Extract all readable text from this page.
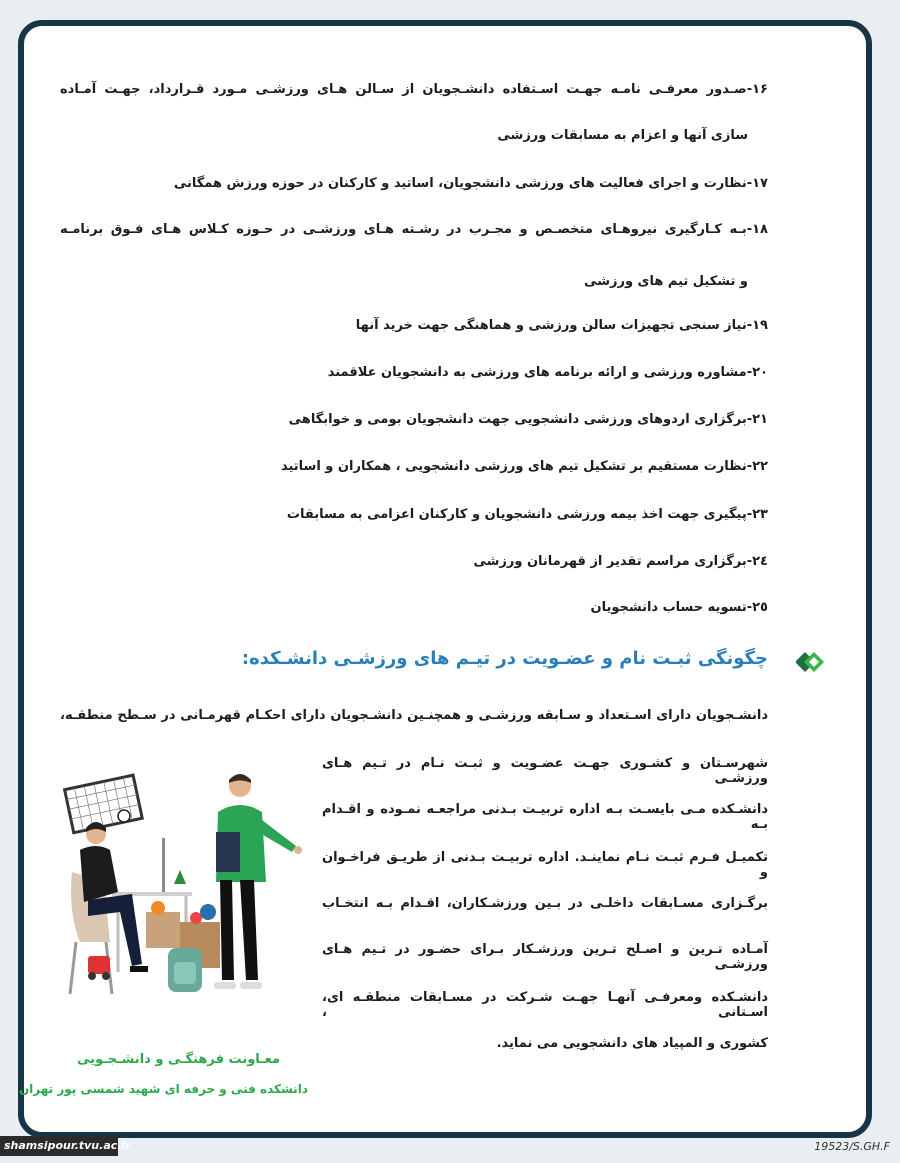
۱۶-صـدور معرفـی نامـه جهـت اسـتفاده دانشـجویان از سـالن هـای ورزشـی مـورد قـرارداد، جهـت آمـاده
سازی آنها و اعزام به مسابقات ورزشی
۱۷-نظارت و اجرای فعالیت های ورزشی دانشجویان، اساتید و کارکنان در حوزه ورزش همگانی
۱۸-بـه کـارگیری نیروهـای متخصـص و مجـرب در رشـته هـای ورزشـی در حـوزه کـلاس هـای فـوق برنامـه
و تشکیل تیم های ورزشی
۱۹-نیاز سنجی تجهیزات سالن ورزشی و هماهنگی جهت خرید آنها
۲۰-مشاوره ورزشی و ارائه برنامه های ورزشی به دانشجویان علاقمند
۲۱-برگزاری اردوهای ورزشی دانشجویی جهت دانشجویان بومی و خوابگاهی
۲۲-نظارت مستقیم بر تشکیل تیم های ورزشی دانشجویی ، همکاران و اساتید
۲۳-پیگیری جهت اخذ بیمه ورزشی دانشجویان و کارکنان اعزامی به مسابقات
۲٤-برگزاری مراسم تقدیر از قهرمانان ورزشی
۲٥-تسویه حساب دانشجویان
چگونگی ثبـت نام و عضـویت در تیـم های ورزشـی دانشـکده:
دانشـجویان دارای اسـتعداد و سـابقه ورزشـی و همچنـین دانشـجویان دارای احکـام قهرمـانی در سـطح منطقـه،
شهرسـتان و کشـوری جهـت عضـویت و ثبـت نـام در تـیم هـای ورزشـی
دانشـکده مـی بایسـت بـه اداره تربیـت بـدنی مراجعـه نمـوده و اقـدام بـه
تکمیـل فـرم ثبـت نـام نماینـد. اداره تربیـت بـدنی از طریـق فراخـوان و
برگـزاری مسـابقات داخلـی در بـین ورزشـکاران، اقـدام بـه انتخـاب
آمـاده تـرین و اصـلح تـرین ورزشـکار بـرای حضـور در تـیم هـای ورزشـی
دانشـکده ومعرفـی آنهـا جهـت شـرکت در مسـابقات منطقـه ای، اسـتانی ،
کشوری و المپیاد های دانشجویی می نماید.
معـاونت فرهنگـی و دانشـجـویی
دانشکده فنی و حرفه ای شهید شمسی پور تهران
shamsipour.tvu.ac.ir	19523/S.GH.F
